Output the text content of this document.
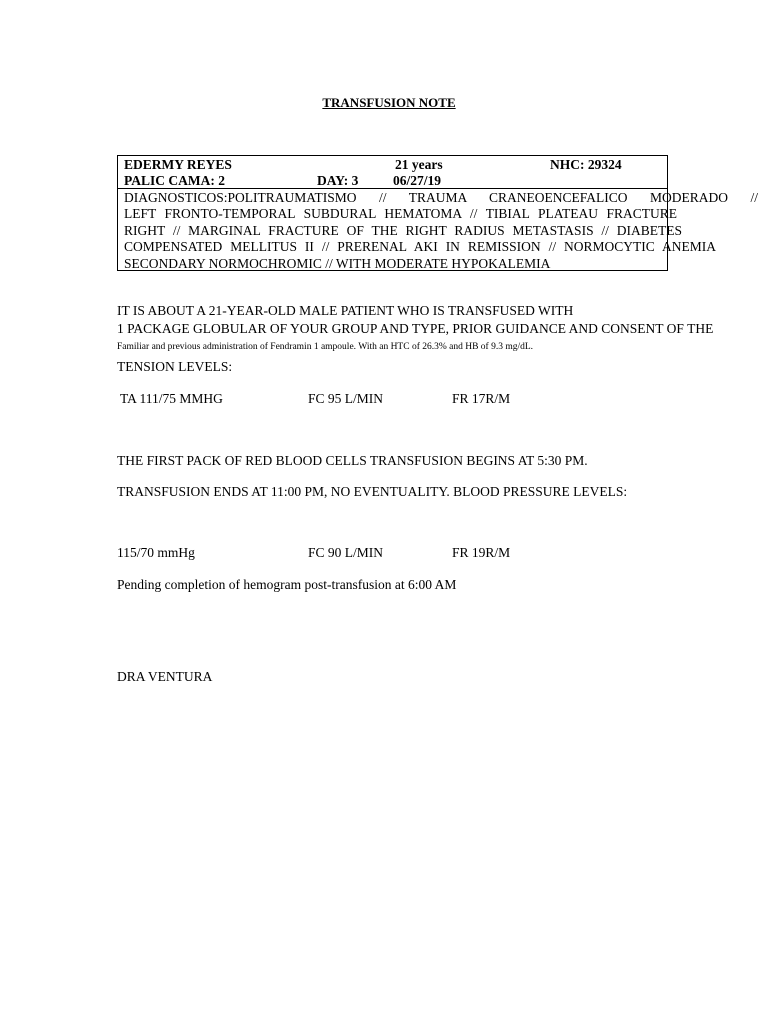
TRANSFUSION NOTE
EDERMY REYES	21 years	NHC: 29324
PALIC CAMA: 2	DAY: 3	06/27/19
DIAGNOSTICOS:POLITRAUMATISMO // TRAUMA CRANEOENCEFALICO MODERADO //
LEFT FRONTO-TEMPORAL SUBDURAL HEMATOMA // TIBIAL PLATEAU FRACTURE
RIGHT // MARGINAL FRACTURE OF THE RIGHT RADIUS METASTASIS // DIABETES
COMPENSATED MELLITUS II // PRERENAL AKI IN REMISSION // NORMOCYTIC ANEMIA
SECONDARY NORMOCHROMIC // WITH MODERATE HYPOKALEMIA
IT IS ABOUT A 21-YEAR-OLD MALE PATIENT WHO IS TRANSFUSED WITH
1 PACKAGE GLOBULAR OF YOUR GROUP AND TYPE, PRIOR GUIDANCE AND CONSENT OF THE
Familiar and previous administration of Fendramin 1 ampoule. With an HTC of 26.3% and HB of 9.3 mg/dL.
TENSION LEVELS:
TA 111/75 MMHG	FC 95 L/MIN	FR 17R/M
THE FIRST PACK OF RED BLOOD CELLS TRANSFUSION BEGINS AT 5:30 PM.
TRANSFUSION ENDS AT 11:00 PM, NO EVENTUALITY. BLOOD PRESSURE LEVELS:
115/70 mmHg	FC 90 L/MIN	FR 19R/M
Pending completion of hemogram post-transfusion at 6:00 AM
DRA VENTURA
